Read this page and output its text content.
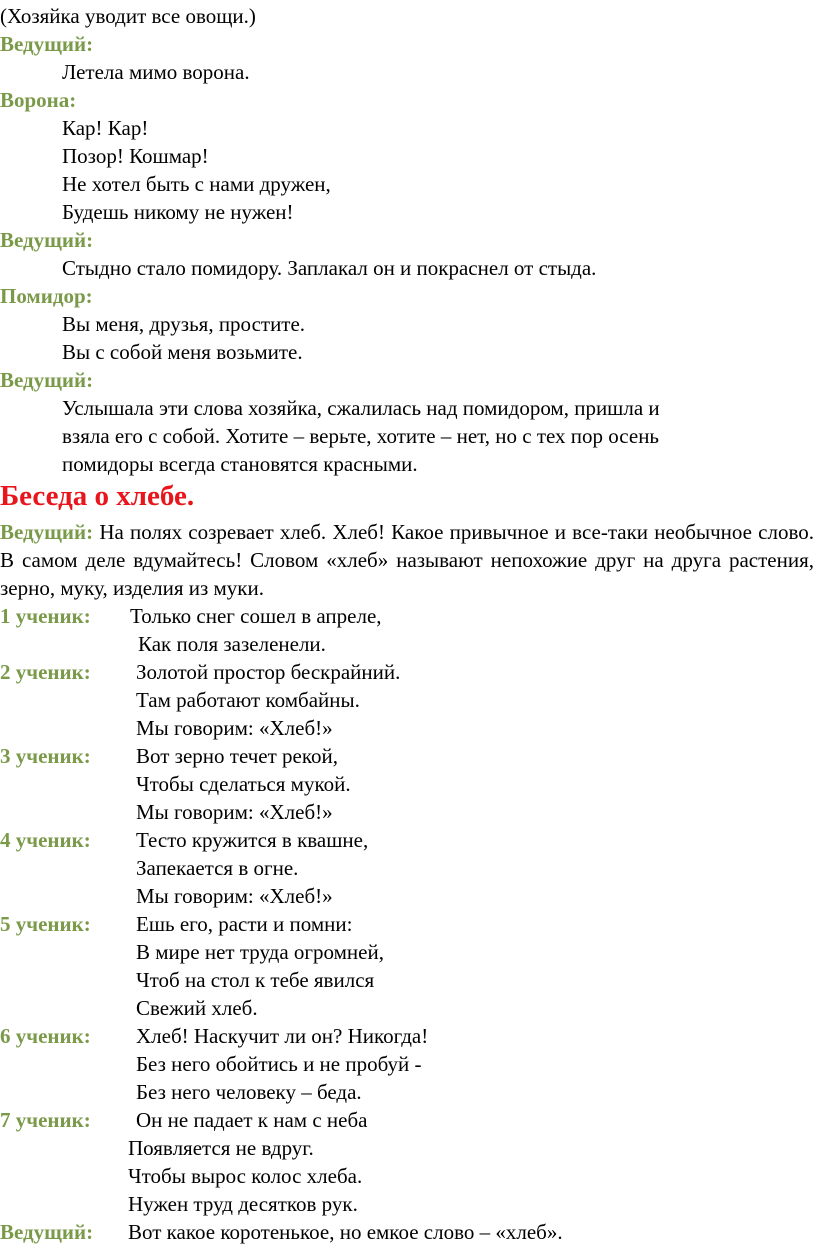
(Хозяйка уводит все овощи.)
Ведущий:
Летела мимо ворона.
Ворона:
Кар! Кар!
Позор! Кошмар!
Не хотел быть с нами дружен,
Будешь никому не нужен!
Ведущий:
Стыдно стало помидору. Заплакал он и покраснел от стыда.
Помидор:
Вы меня, друзья, простите.
Вы с собой меня возьмите.
Ведущий:
Услышала эти слова хозяйка, сжалилась над помидором, пришла и
взяла его с собой. Хотите – верьте, хотите – нет, но с тех пор осень
помидоры всегда становятся красными.
Беседа о хлебе.
Ведущий: На полях созревает хлеб. Хлеб! Какое привычное и все-таки необычное слово. В самом деле вдумайтесь! Словом «хлеб» называют непохожие друг на друга растения, зерно, муку, изделия из муки.
1 ученик: Только снег сошел в апреле,
Как поля зазеленели.
2 ученик: Золотой простор бескрайний.
Там работают комбайны.
Мы говорим: «Хлеб!»
3 ученик: Вот зерно течет рекой,
Чтобы сделаться мукой.
Мы говорим: «Хлеб!»
4 ученик: Тесто кружится в квашне,
Запекается в огне.
Мы говорим: «Хлеб!»
5 ученик: Ешь его, расти и помни:
В мире нет труда огромней,
Чтоб на стол к тебе явился
Свежий хлеб.
6 ученик: Хлеб! Наскучит ли он? Никогда!
Без него обойтись и не пробуй -
Без него человеку – беда.
7 ученик: Он не падает к нам с неба
Появляется не вдруг.
Чтобы вырос колос хлеба.
Нужен труд десятков рук.
Ведущий: Вот какое коротенькое, но емкое слово – «хлеб».
